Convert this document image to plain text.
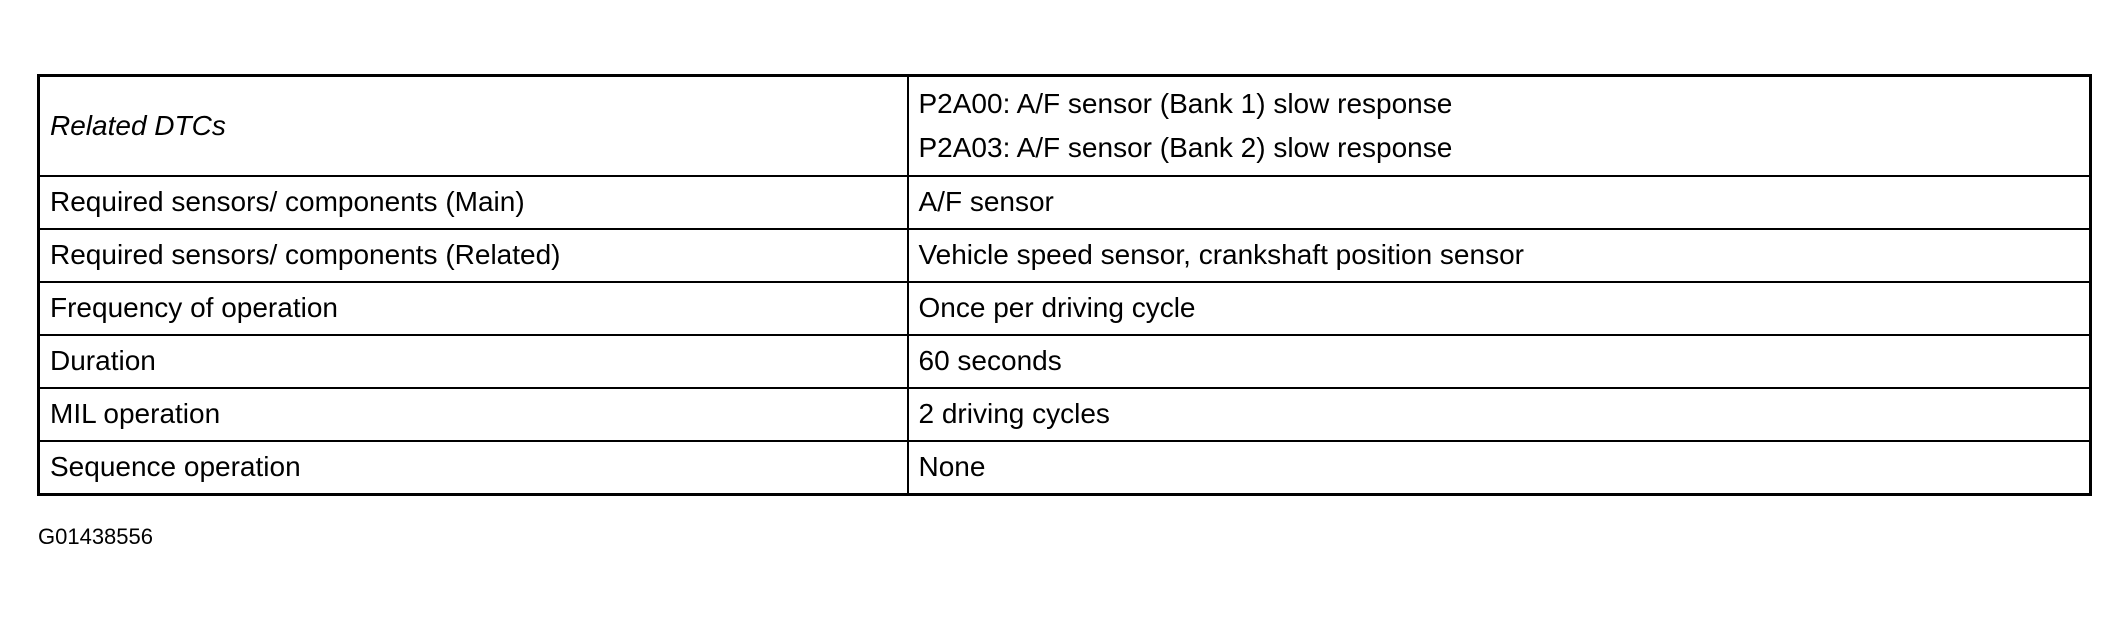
Related DTCs	P2A00: A/F sensor (Bank 1) slow response
P2A03: A/F sensor (Bank 2) slow response

Required sensors/ components (Main)	A/F sensor
Required sensors/ components (Related)	Vehicle speed sensor, crankshaft position sensor
Frequency of operation	Once per driving cycle
Duration	60 seconds
MIL operation	2 driving cycles
Sequence operation	None
G01438556
